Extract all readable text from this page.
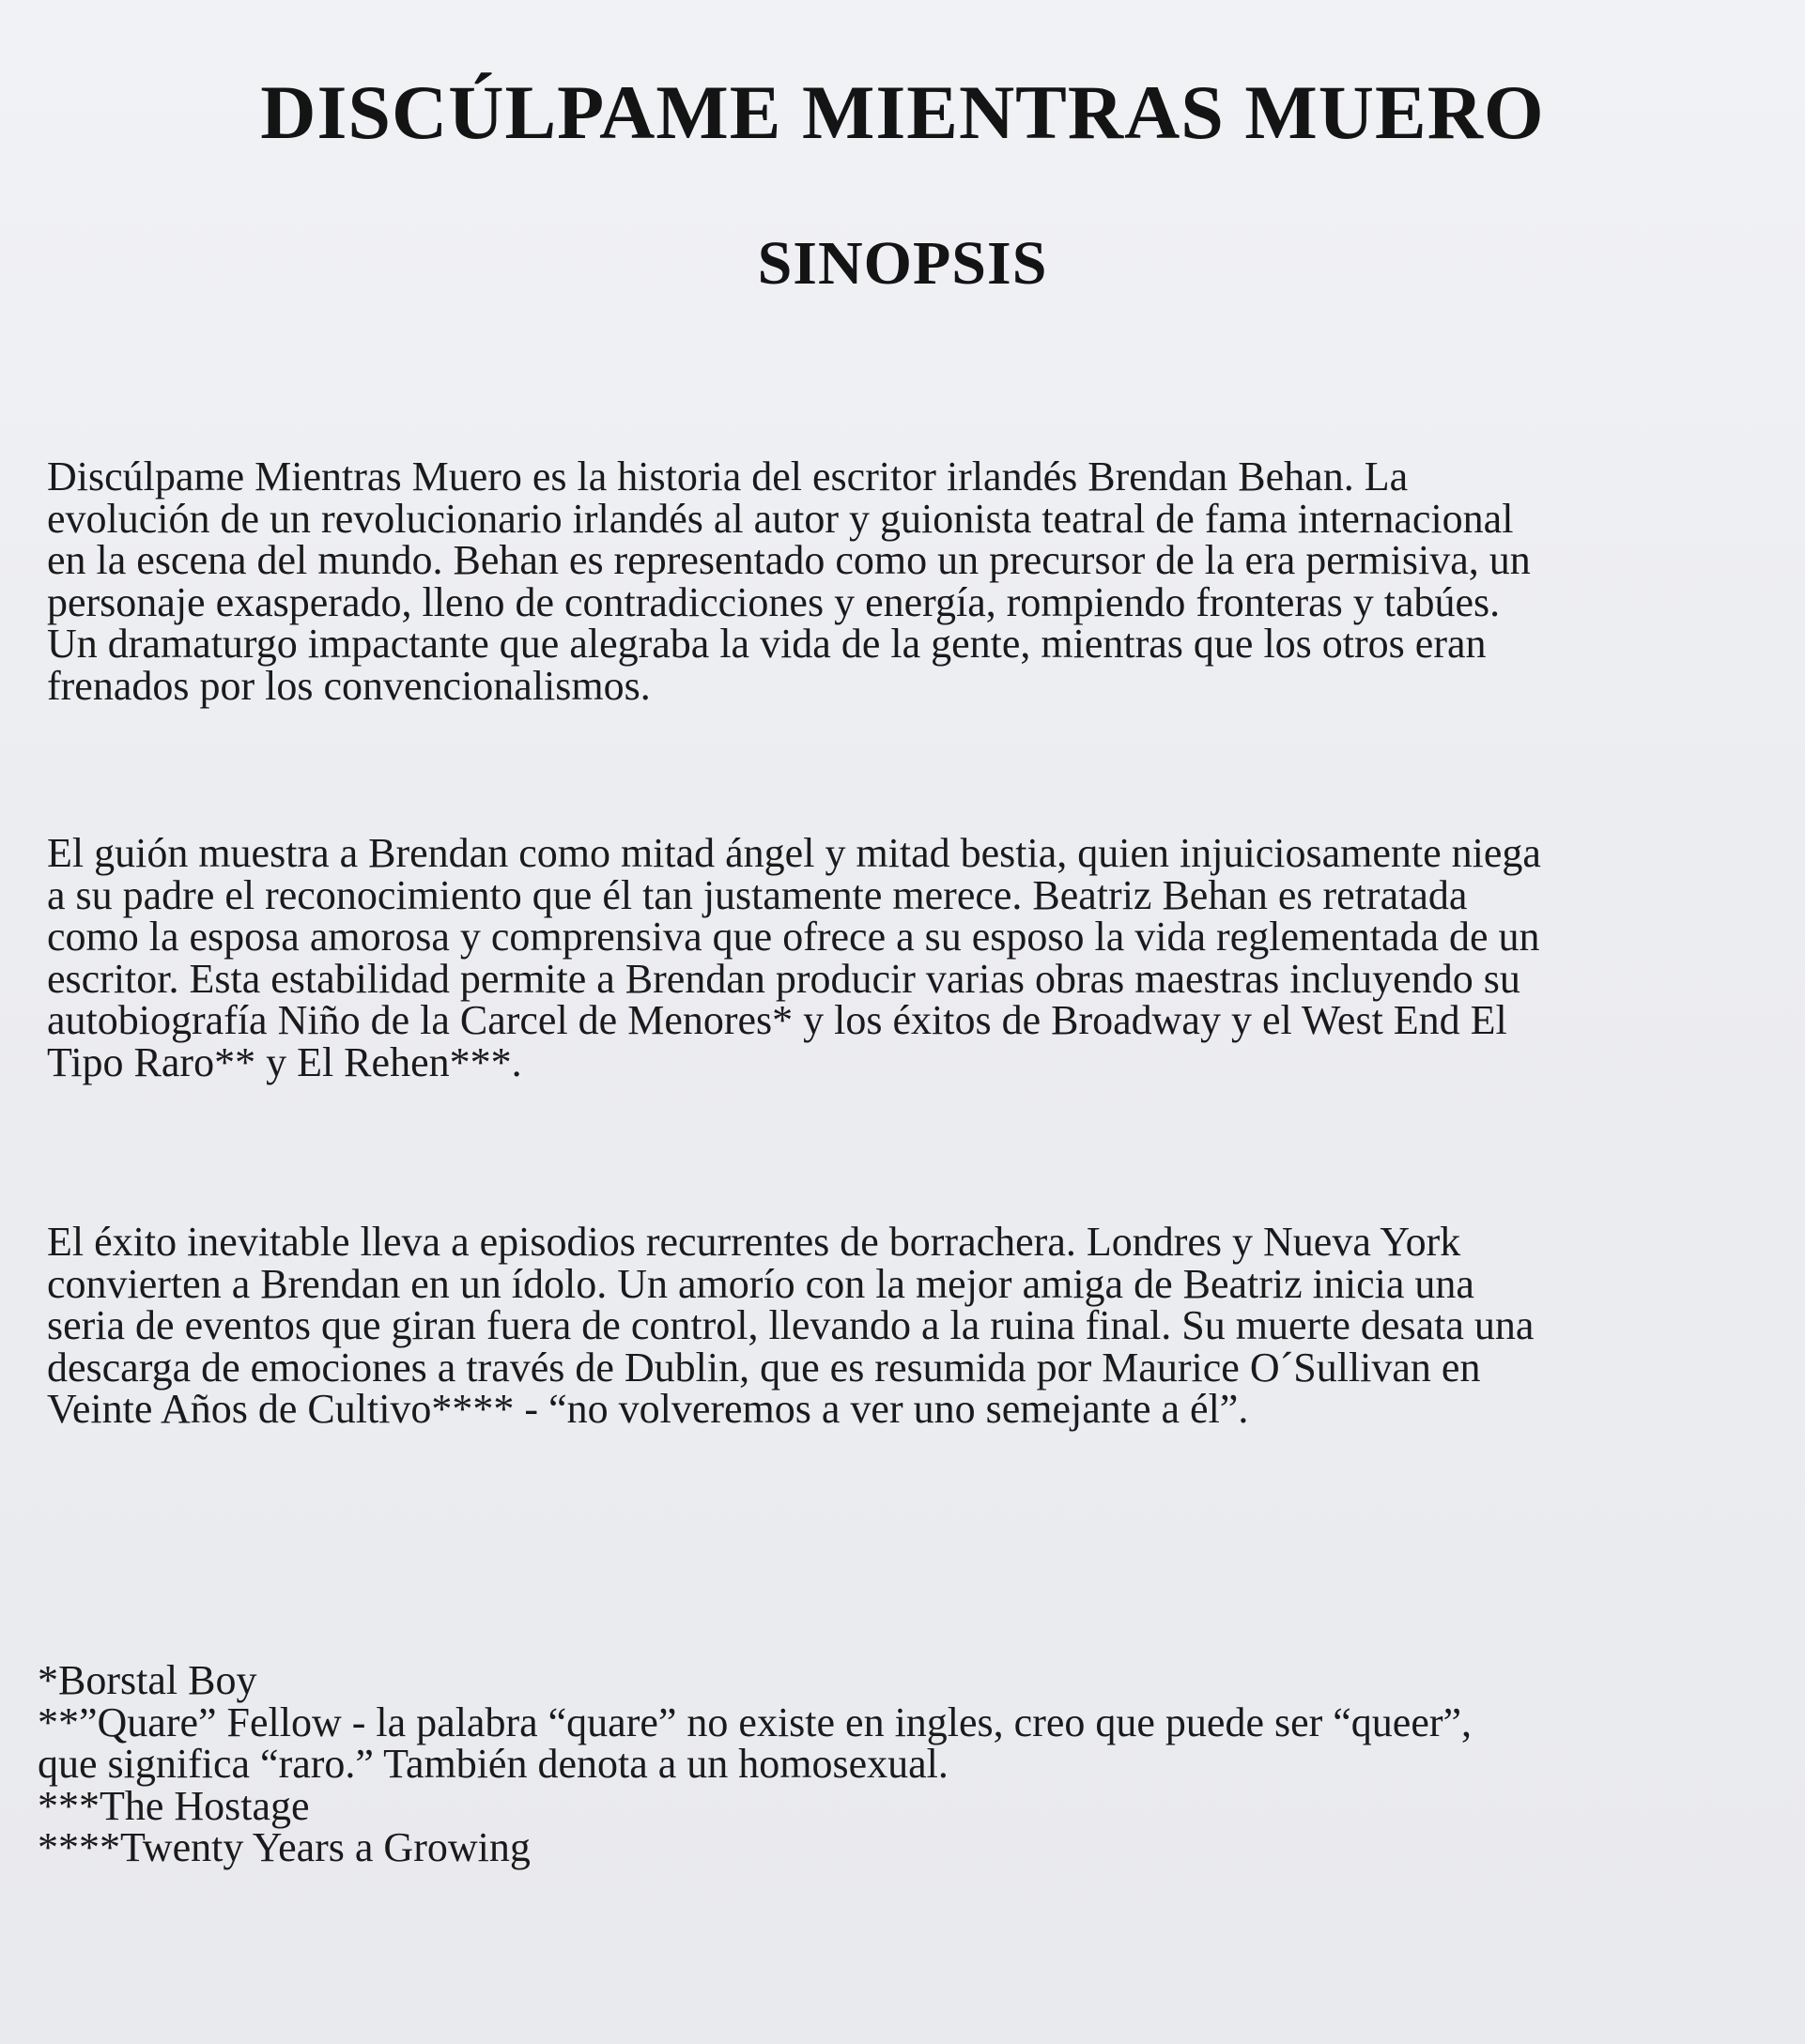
DISCÚLPAME MIENTRAS MUERO
SINOPSIS
Discúlpame Mientras Muero es la historia del escritor irlandés Brendan Behan. La
evolución de un revolucionario irlandés al autor y guionista teatral de fama internacional
en la escena del mundo. Behan es representado como un precursor de la era permisiva, un
personaje exasperado, lleno de contradicciones y energía, rompiendo fronteras y tabúes.
Un dramaturgo impactante que alegraba la vida de la gente, mientras que los otros eran
frenados por los convencionalismos.
El guión muestra a Brendan como mitad ángel y mitad bestia, quien injuiciosamente niega
a su padre el reconocimiento que él tan justamente merece. Beatriz Behan es retratada
como la esposa amorosa y comprensiva que ofrece a su esposo la vida reglementada de un
escritor. Esta estabilidad permite a Brendan producir varias obras maestras incluyendo su
autobiografía Niño de la Carcel de Menores* y los éxitos de Broadway y el West End El
Tipo Raro** y El Rehen***.
El éxito inevitable lleva a episodios recurrentes de borrachera. Londres y Nueva York
convierten a Brendan en un ídolo. Un amorío con la mejor amiga de Beatriz inicia una
seria de eventos que giran fuera de control, llevando a la ruina final. Su muerte desata una
descarga de emociones a través de Dublin, que es resumida por Maurice O´Sullivan en
Veinte Años de Cultivo**** - “no volveremos a ver uno semejante a él”.
*Borstal Boy
**”Quare” Fellow - la palabra “quare” no existe en ingles, creo que puede ser “queer”,
que significa “raro.” También denota a un homosexual.
***The Hostage
****Twenty Years a Growing
